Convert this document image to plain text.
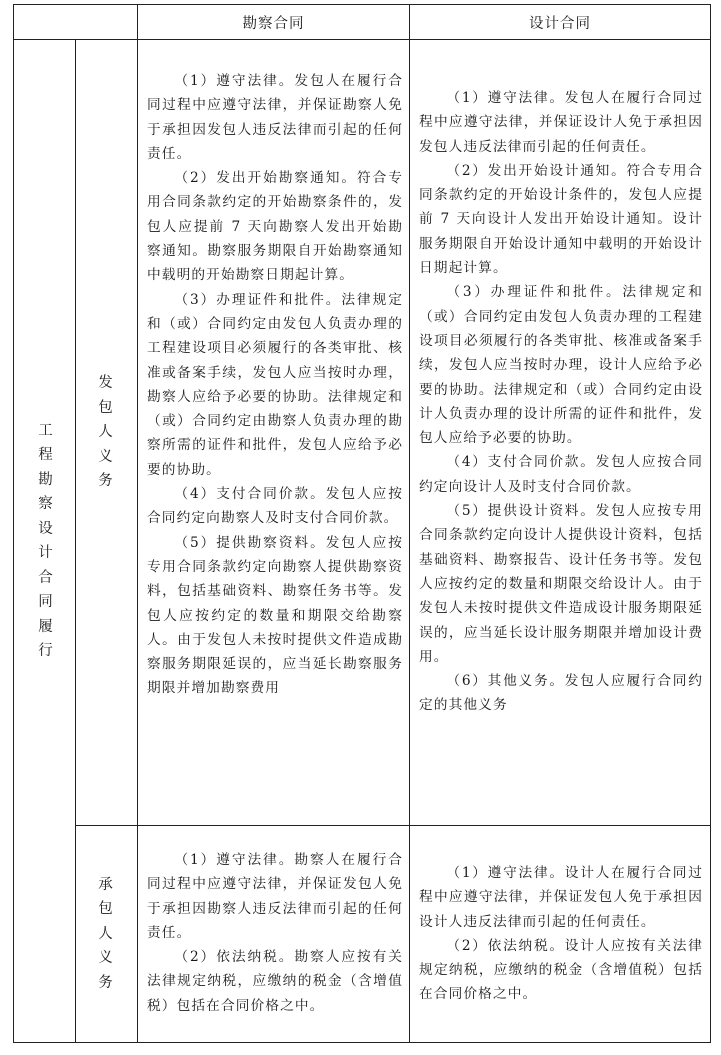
勘察合同	设计合同
工程勘察设计合同履行
发包人义务
承包人义务

（1）遵守法律。发包人在履行合同过程中应遵守法律，并保证勘察人免于承担因发包人违反法律而引起的任何责任。

（2）发出开始勘察通知。符合专用合同条款约定的开始勘察条件的，发包人应提前 7 天向勘察人发出开始勘察通知。勘察服务期限自开始勘察通知中载明的开始勘察日期起计算。

（3）办理证件和批件。法律规定和（或）合同约定由发包人负责办理的工程建设项目必须履行的各类审批、核准或备案手续，发包人应当按时办理，勘察人应给予必要的协助。法律规定和（或）合同约定由勘察人负责办理的勘察所需的证件和批件，发包人应给予必要的协助。

（4）支付合同价款。发包人应按合同约定向勘察人及时支付合同价款。

（5）提供勘察资料。发包人应按专用合同条款约定向勘察人提供勘察资料，包括基础资料、勘察任务书等。发包人应按约定的数量和期限交给勘察人。由于发包人未按时提供文件造成勘察服务期限延误的，应当延长勘察服务期限并增加勘察费用

（1）遵守法律。发包人在履行合同过程中应遵守法律，并保证设计人免于承担因发包人违反法律而引起的任何责任。

（2）发出开始设计通知。符合专用合同条款约定的开始设计条件的，发包人应提前 7 天向设计人发出开始设计通知。设计服务期限自开始设计通知中载明的开始设计日期起计算。

（3）办理证件和批件。法律规定和（或）合同约定由发包人负责办理的工程建设项目必须履行的各类审批、核准或备案手续，发包人应当按时办理，设计人应给予必要的协助。法律规定和（或）合同约定由设计人负责办理的设计所需的证件和批件，发包人应给予必要的协助。

（4）支付合同价款。发包人应按合同约定向设计人及时支付合同价款。

（5）提供设计资料。发包人应按专用合同条款约定向设计人提供设计资料，包括基础资料、勘察报告、设计任务书等。发包人应按约定的数量和期限交给设计人。由于发包人未按时提供文件造成设计服务期限延误的，应当延长设计服务期限并增加设计费用。

（6）其他义务。发包人应履行合同约定的其他义务

（1）遵守法律。勘察人在履行合同过程中应遵守法律，并保证发包人免于承担因勘察人违反法律而引起的任何责任。

（2）依法纳税。勘察人应按有关法律规定纳税，应缴纳的税金（含增值税）包括在合同价格之中。

（1）遵守法律。设计人在履行合同过程中应遵守法律，并保证发包人免于承担因设计人违反法律而引起的任何责任。

（2）依法纳税。设计人应按有关法律规定纳税，应缴纳的税金（含增值税）包括在合同价格之中。
